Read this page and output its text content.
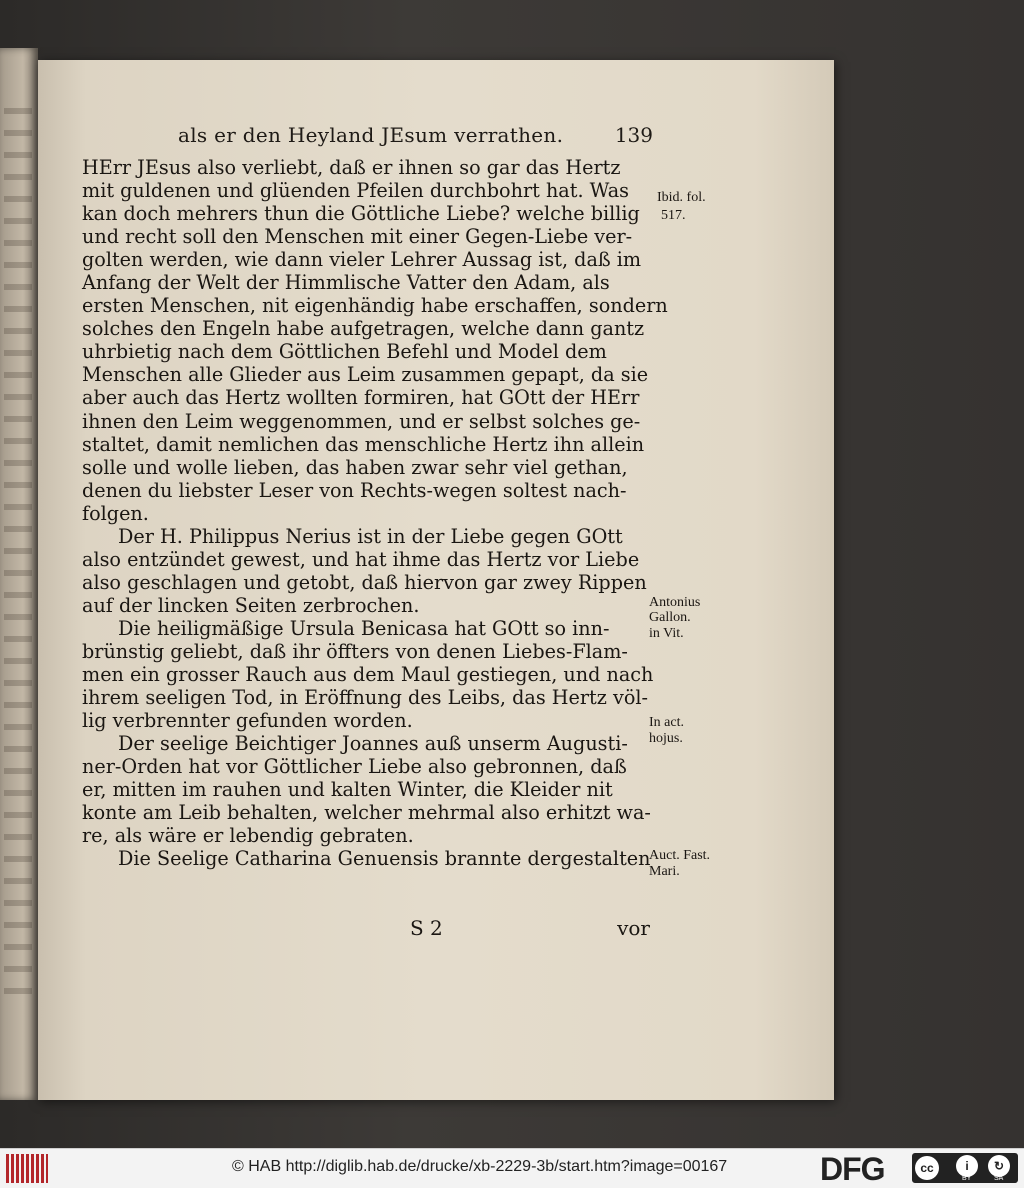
als er den Heyland JEsum verrathen.	139
HErr JEsus also verliebt, daß er ihnen so gar das Hertz
mit guldenen und glüenden Pfeilen durchbohrt hat. Was
kan doch mehrers thun die Göttliche Liebe? welche billig
und recht soll den Menschen mit einer Gegen-Liebe ver-
golten werden, wie dann vieler Lehrer Aussag ist, daß im
Anfang der Welt der Himmlische Vatter den Adam, als
ersten Menschen, nit eigenhändig habe erschaffen, sondern
solches den Engeln habe aufgetragen, welche dann gantz
uhrbietig nach dem Göttlichen Befehl und Model dem
Menschen alle Glieder aus Leim zusammen gepapt, da sie
aber auch das Hertz wollten formiren, hat GOtt der HErr
ihnen den Leim weggenommen, und er selbst solches ge-
staltet, damit nemlichen das menschliche Hertz ihn allein
solle und wolle lieben, das haben zwar sehr viel gethan,
denen du liebster Leser von Rechts-wegen soltest nach-
folgen.
Der H. Philippus Nerius ist in der Liebe gegen GOtt
also entzündet gewest, und hat ihme das Hertz vor Liebe
also geschlagen und getobt, daß hiervon gar zwey Rippen
auf der lincken Seiten zerbrochen.
Die heiligmäßige Ursula Benicasa hat GOtt so inn-
brünstig geliebt, daß ihr öffters von denen Liebes-Flam-
men ein grosser Rauch aus dem Maul gestiegen, und nach
ihrem seeligen Tod, in Eröffnung des Leibs, das Hertz völ-
lig verbrennter gefunden worden.
Der seelige Beichtiger Joannes auß unserm Augusti-
ner-Orden hat vor Göttlicher Liebe also gebronnen, daß
er, mitten im rauhen und kalten Winter, die Kleider nit
konte am Leib behalten, welcher mehrmal also erhitzt wa-
re, als wäre er lebendig gebraten.
Die Seelige Catharina Genuensis brannte dergestalten
Ibid. fol.
517.
Antonius
Gallon.
in Vit.
In act.
hojus.
Auct. Fast.
Mari.
S 2	vor
© HAB http://diglib.hab.de/drucke/xb-2229-3b/start.htm?image=00167	DFG	cc	i	↻
BY	SA
